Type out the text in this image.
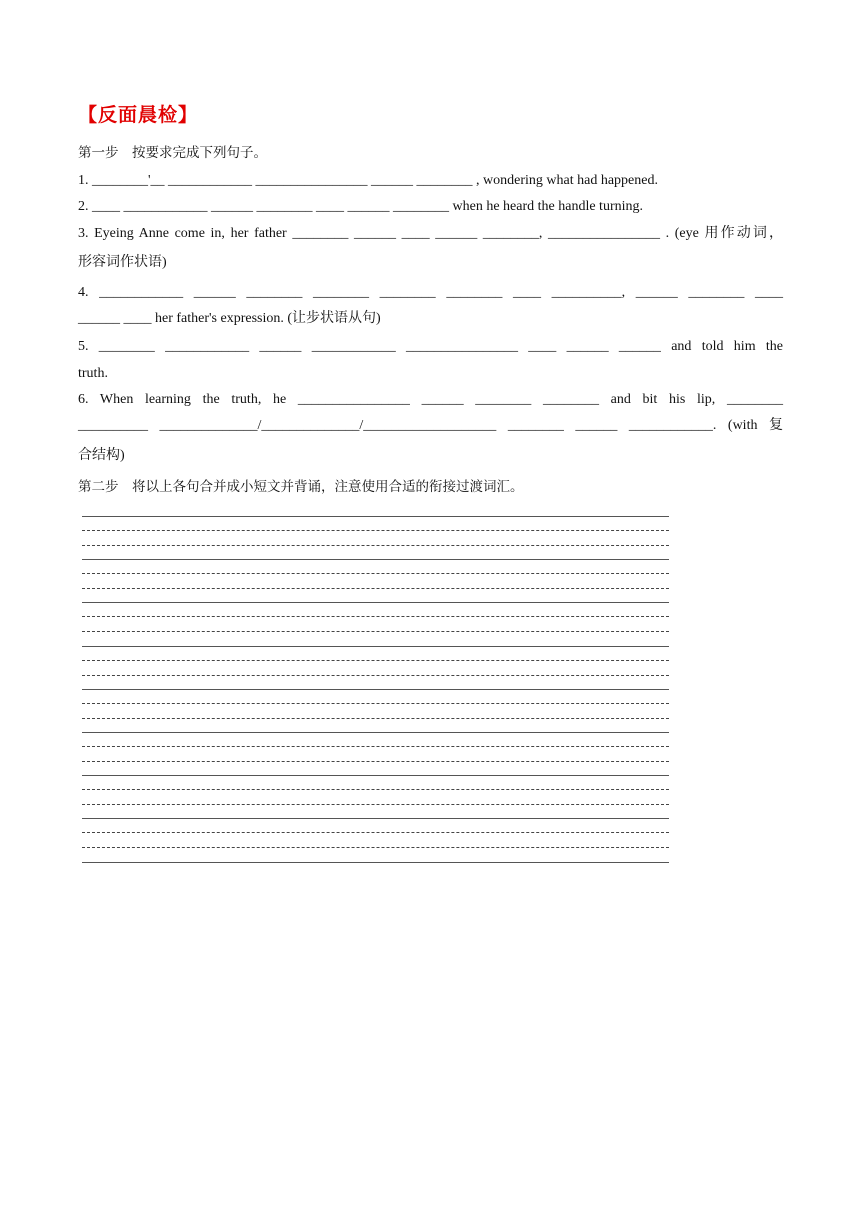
【反面晨检】
第一步　按要求完成下列句子。
1. ________'__ ____________ ________________ ______ ________ , wondering what had happened.
2. ____ ____________ ______ ________ ____ ______ ________ when he heard the handle turning.
3. Eyeing Anne come in, her father ________ ______ ____ ______ ________, ________________ . (eye 用作动词，
形容词作状语)
4. ____________ ______ ________ ________ ________ ________ ____ __________, ______ ________ ____
______ ____ her father's expression. (让步状语从句)
5. ________ ____________ ______ ____________ ________________ ____ ______ ______ and told him the
truth.
6. When learning the truth, he ________________ ______ ________ ________ and bit his lip, ________
__________ ______________/______________/___________________ ________ ______ ____________. (with 复
合结构)
第二步　将以上各句合并成小短文并背诵，注意使用合适的衔接过渡词汇。
